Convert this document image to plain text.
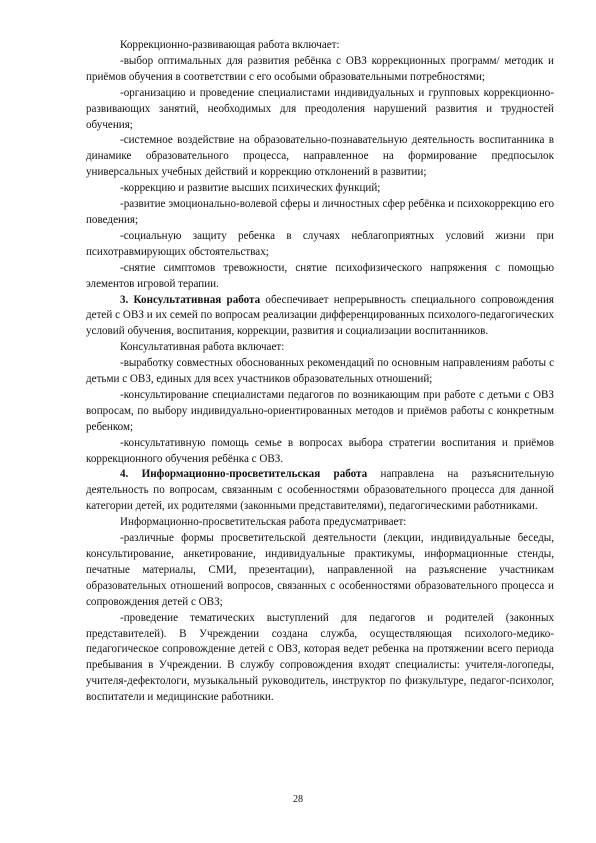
Коррекционно-развивающая работа включает:

-выбор оптимальных для развития ребёнка с ОВЗ коррекционных программ/ методик и приёмов обучения в соответствии с его особыми образовательными потребностями;

-организацию и проведение специалистами индивидуальных и групповых коррекционно-развивающих занятий, необходимых для преодоления нарушений развития и трудностей обучения;

-системное воздействие на образовательно-познавательную деятельность воспитанника в динамике образовательного процесса, направленное на формирование предпосылок универсальных учебных действий и коррекцию отклонений в развитии;

-коррекцию и развитие высших психических функций;

-развитие эмоционально-волевой сферы и личностных сфер ребёнка и психокоррекцию его поведения;

-социальную защиту ребенка в случаях неблагоприятных условий жизни при психотравмирующих обстоятельствах;

-снятие симптомов тревожности, снятие психофизического напряжения с помощью элементов игровой терапии.

3. Консультативная работа обеспечивает непрерывность специального сопровождения детей с ОВЗ и их семей по вопросам реализации дифференцированных психолого-педагогических условий обучения, воспитания, коррекции, развития и социализации воспитанников.

Консультативная работа включает:

-выработку совместных обоснованных рекомендаций по основным направлениям работы с детьми с ОВЗ, единых для всех участников образовательных отношений;

-консультирование специалистами педагогов по возникающим при работе с детьми с ОВЗ вопросам, по выбору индивидуально-ориентированных методов и приёмов работы с конкретным ребенком;

-консультативную помощь семье в вопросах выбора стратегии воспитания и приёмов коррекционного обучения ребёнка с ОВЗ.

4. Информационно-просветительская работа направлена на разъяснительную деятельность по вопросам, связанным с особенностями образовательного процесса для данной категории детей, их родителями (законными представителями), педагогическими работниками.

Информационно-просветительская работа предусматривает:

-различные формы просветительской деятельности (лекции, индивидуальные беседы, консультирование, анкетирование, индивидуальные практикумы, информационные стенды, печатные материалы, СМИ, презентации), направленной на разъяснение участникам образовательных отношений вопросов, связанных с особенностями образовательного процесса и сопровождения детей с ОВЗ;

-проведение тематических выступлений для педагогов и родителей (законных представителей). В Учреждении создана служба, осуществляющая психолого-медико-педагогическое сопровождение детей с ОВЗ, которая ведет ребенка на протяжении всего периода пребывания в Учреждении. В службу сопровождения входят специалисты: учителя-логопеды, учителя-дефектологи, музыкальный руководитель, инструктор по физкультуре, педагог-психолог, воспитатели и медицинские работники.

28
